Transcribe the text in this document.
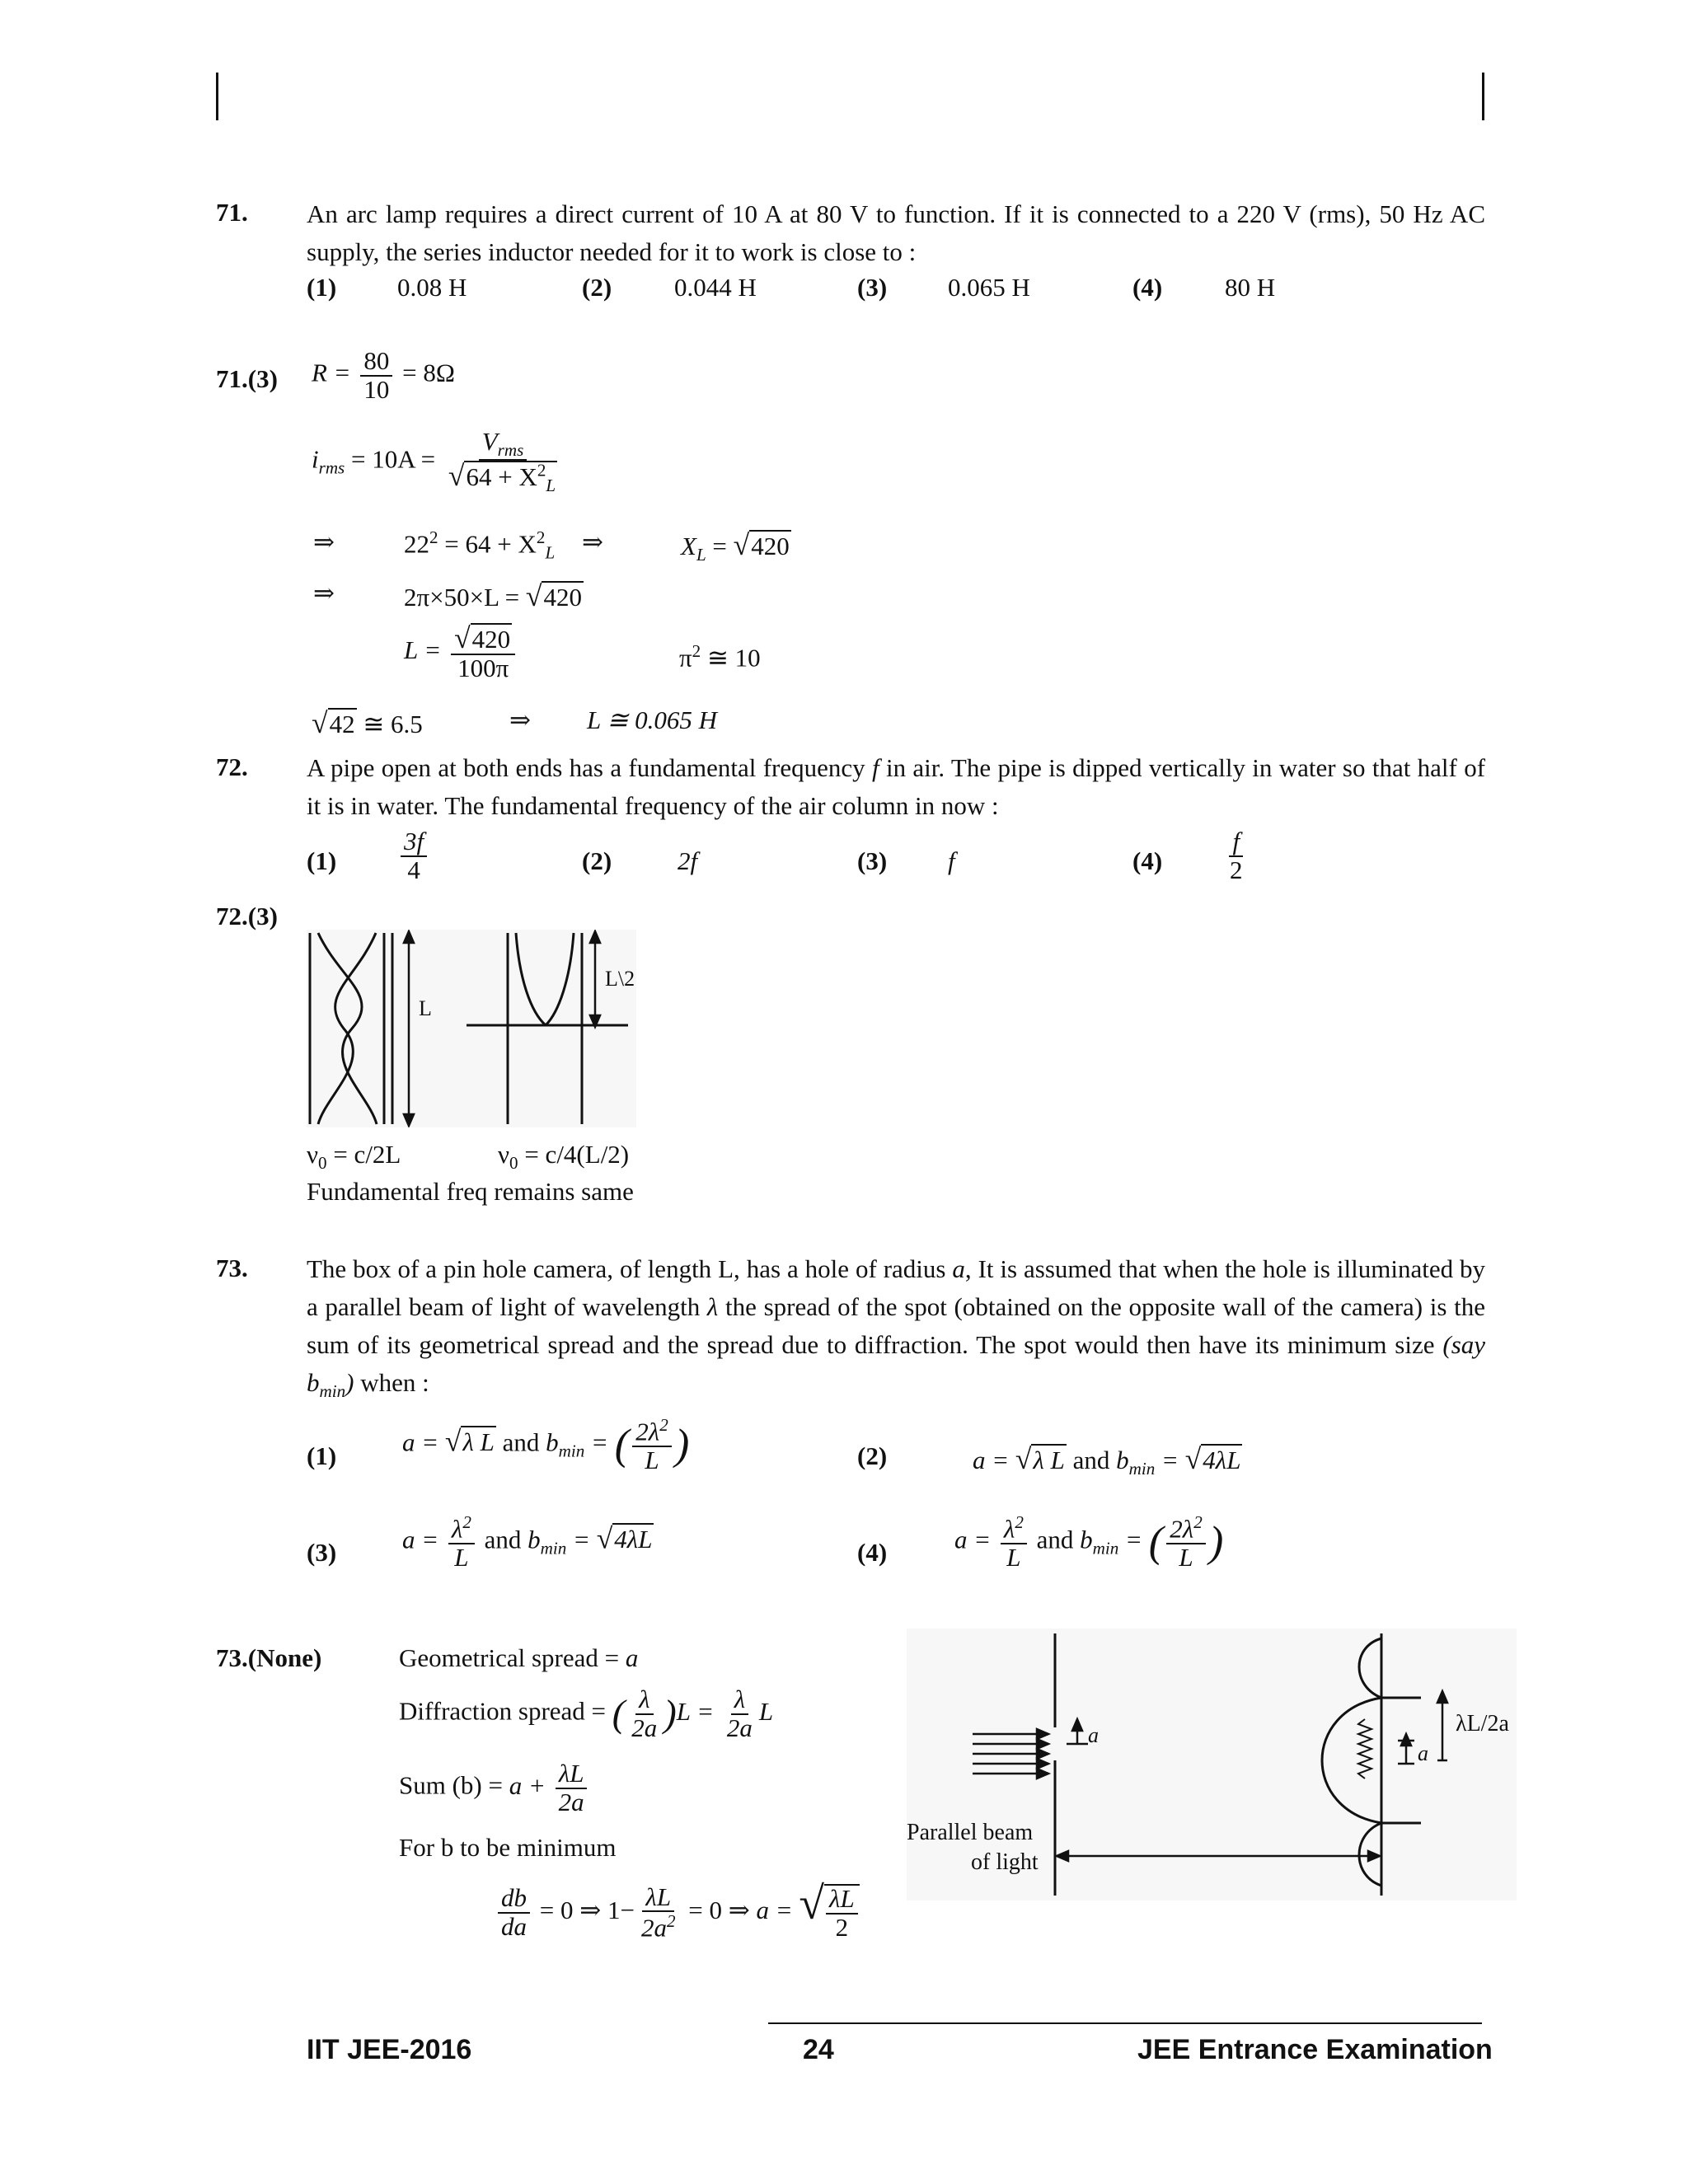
71. An arc lamp requires a direct current of 10 A at 80 V to function. If it is connected to a 220 V (rms), 50 Hz AC supply, the series inductor needed for it to work is close to :
(1) 0.08 H	(2) 0.044 H	(3) 0.065 H	(4) 80 H
71.(3) $R = \frac{80}{10} = 8\Omega$
$i_{rms} = 10A = \frac{V_{rms}}{√64 + X^2_L}$
⇒	$22^2 = 64 + X^2_L$ ⇒	$X_L = √420$
⇒	2π×50×L = √420
$L = \frac{√420}{100\pi}$	$\pi^2$ ≅ 10
√42 ≅ 6.5	⇒ L ≅ 0.065 H
72. A pipe open at both ends has a fundamental frequency f in air. The pipe is dipped vertically in water so that half of it is in water. The fundamental frequency of the air column in now :
(1)	$\frac{3f}{4}$	(2)	2f	(3) f	(4)	$\frac{f}{2}$
72.(3)
L
L\2
$\nu_0 = c/2L$	$\nu_0 = c/4(L/2)$
Fundamental freq remains same
73. The box of a pin hole camera, of length L, has a hole of radius a, It is assumed that when the hole is illuminated by a parallel beam of light of wavelength λ the spread of the spot (obtained on the opposite wall of the camera) is the sum of its geometrical spread and the spread due to diffraction. The spot would then have its minimum size (say $b_{min}$) when :
(1)	a = √λ L and $b_{min}$ = ( $\frac{2\lambda^2}{L}$ )	(2)	a = √λ L and $b_{min} = √4\lambda L$
(3)	$a = \frac{\lambda^2}{L}$ and $b_{min} = √4\lambda L$	(4)	$a = \frac{\lambda^2}{L}$ and $b_{min}$ = ( $\frac{2\lambda^2}{L}$ )
73.(None)	Geometrical spread = a
Diffraction spread = ( $\frac{\lambda}{2a} )L = \frac{\lambda}{2a}$ L
Sum $(b) = a + \frac{\lambda L}{2a}$
For b to be minimum
$\frac{db}{da} = 0$ ⇒ $1- \frac{\lambda L}{2a^2} = 0$ ⇒ a = √ $\frac{\lambda L}{2}$
a
a
λL/2a
Parallel beam
of light
IIT JEE-2016	24	JEE Entrance Examination
